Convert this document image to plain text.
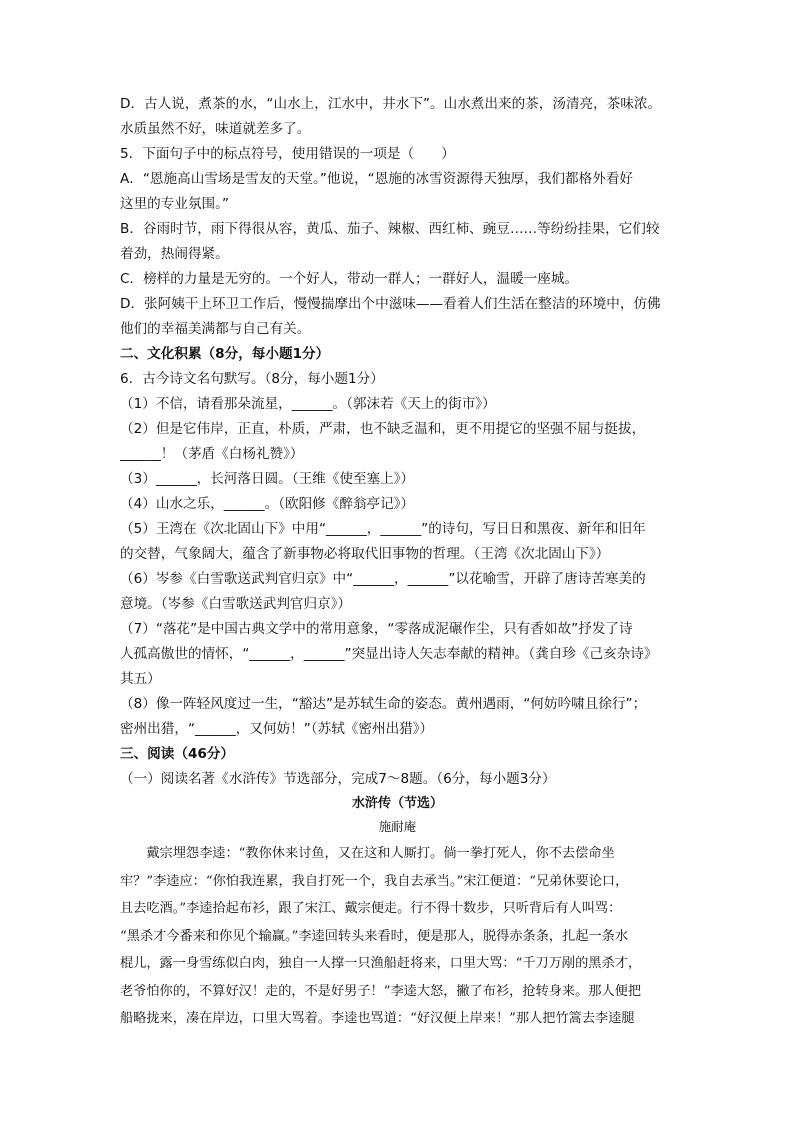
D．古人说，煮茶的水，“山水上，江水中，井水下”。山水煮出来的茶，汤清亮，茶味浓。
水质虽然不好，味道就差多了。
5．下面句子中的标点符号，使用错误的一项是（　　）
A．“恩施高山雪场是雪友的天堂。”他说，“恩施的冰雪资源得天独厚，我们都格外看好
这里的专业氛围。”
B．谷雨时节，雨下得很从容，黄瓜、茄子、辣椒、西红柿、豌豆……等纷纷挂果，它们较
着劲，热闹得紧。
C．榜样的力量是无穷的。一个好人，带动一群人；一群好人，温暖一座城。
D．张阿姨干上环卫工作后，慢慢揣摩出个中滋味——看着人们生活在整洁的环境中，仿佛
他们的幸福美满都与自己有关。
二、文化积累（8分，每小题1分）
6．古今诗文名句默写。（8分，每小题1分）
（1）不信，请看那朵流星，______。（郭沫若《天上的街市》）
（2）但是它伟岸，正直，朴质，严肃，也不缺乏温和，更不用提它的坚强不屈与挺拔，
______！（茅盾《白杨礼赞》）
（3）______，长河落日圆。（王维《使至塞上》）
（4）山水之乐，______。（欧阳修《醉翁亭记》）
（5）王湾在《次北固山下》中用“______，______”的诗句，写日日和黑夜、新年和旧年
的交替，气象阔大，蕴含了新事物必将取代旧事物的哲理。（王湾《次北固山下》）
（6）岑参《白雪歌送武判官归京》中“______，______”以花喻雪，开辟了唐诗苦寒美的
意境。（岑参《白雪歌送武判官归京》）
（7）“落花”是中国古典文学中的常用意象，“零落成泥碾作尘，只有香如故”抒发了诗
人孤高傲世的情怀，“______，______”突显出诗人矢志奉献的精神。（龚自珍《己亥杂诗》
其五）
（8）像一阵轻风度过一生，“豁达”是苏轼生命的姿态。黄州遇雨，“何妨吟啸且徐行”；
密州出猎，“______，又何妨！”（苏轼《密州出猎》）
三、阅读（46分）
（一）阅读名著《水浒传》节选部分，完成7～8题。（6分，每小题3分）
水浒传（节选）
施耐庵
　　戴宗埋怨李逵：“教你休来讨鱼，又在这和人厮打。倘一拳打死人，你不去偿命坐
牢？”李逵应：“你怕我连累，我自打死一个，我自去承当。”宋江便道：“兄弟休要论口，
且去吃酒。”李逵拾起布衫，跟了宋江、戴宗便走。行不得十数步，只听背后有人叫骂：
“黑杀才今番来和你见个输赢。”李逵回转头来看时，便是那人，脱得赤条条，扎起一条水
棍儿，露一身雪练似白肉，独自一人撑一只渔船赶将来，口里大骂：“千刀万剐的黑杀才，
老爷怕你的，不算好汉！走的，不是好男子！”李逵大怒，撇了布衫，抢转身来。那人便把
船略拢来，凑在岸边，口里大骂着。李逵也骂道：“好汉便上岸来！”那人把竹篙去李逵腿
